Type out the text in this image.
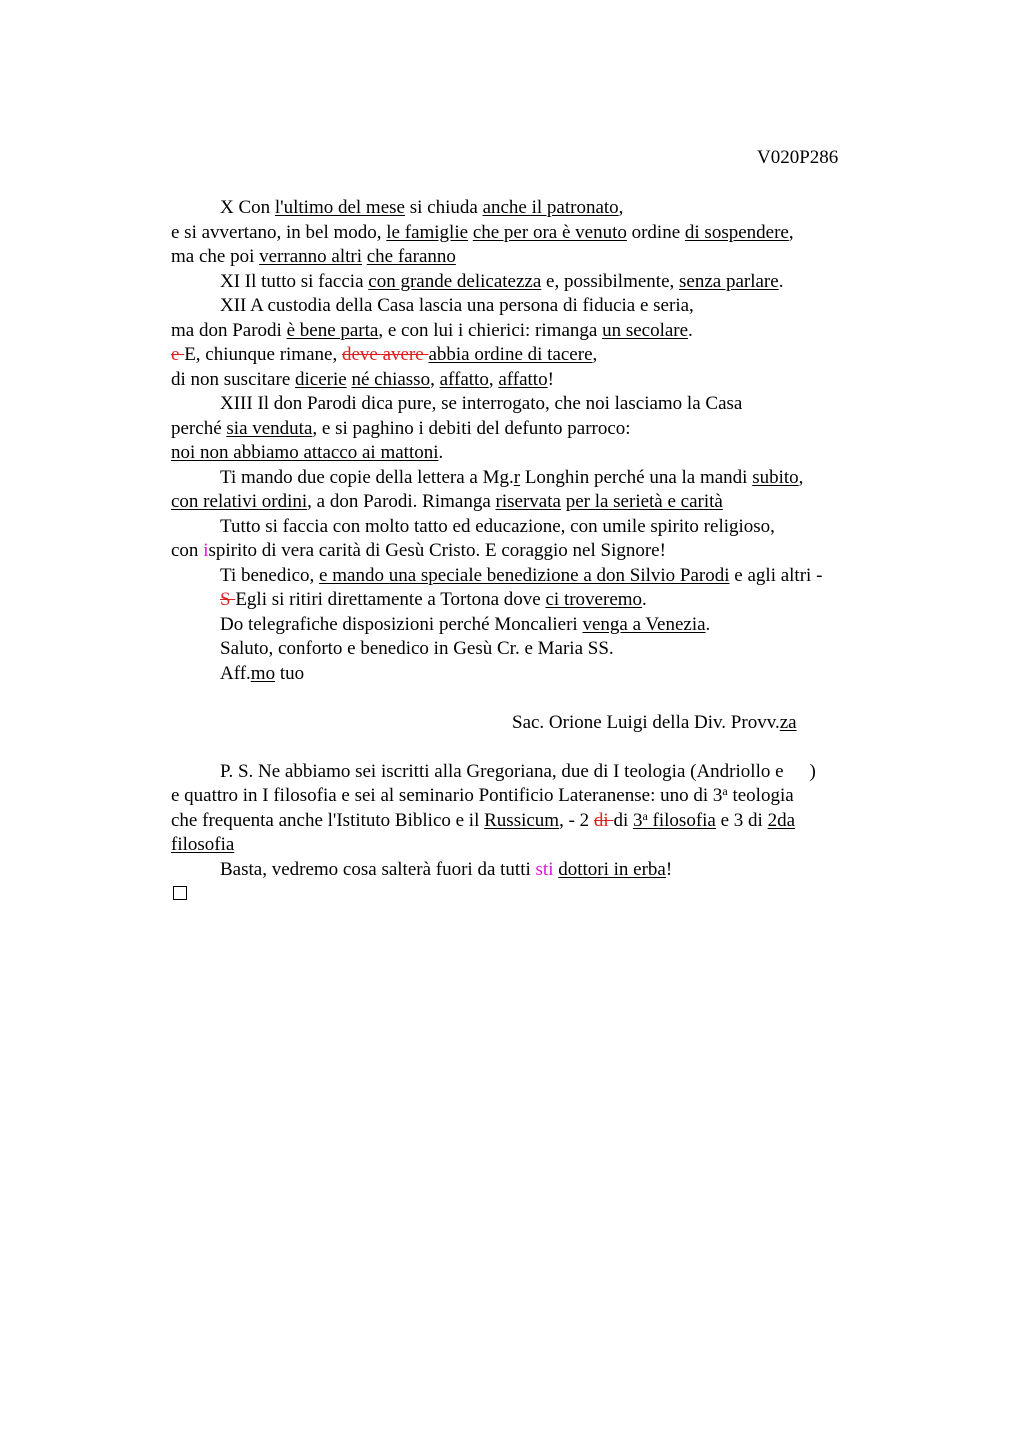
V020P286
X Con l'ultimo del mese si chiuda anche il patronato,
e si avvertano, in bel modo, le famiglie che per ora è venuto ordine di sospendere,
ma che poi verranno altri che faranno
XI Il tutto si faccia con grande delicatezza e, possibilmente, senza parlare.
XII A custodia della Casa lascia una persona di fiducia e seria,
ma don Parodi è bene parta, e con lui i chierici: rimanga un secolare.
e E, chiunque rimane, deve avere abbia ordine di tacere,
di non suscitare dicerie né chiasso, affatto, affatto!
XIII Il don Parodi dica pure, se interrogato, che noi lasciamo la Casa
perché sia venduta, e si paghino i debiti del defunto parroco:
noi non abbiamo attacco ai mattoni.
Ti mando due copie della lettera a Mg.r Longhin perché una la mandi subito,
con relativi ordini, a don Parodi. Rimanga riservata per la serietà e carità
Tutto si faccia con molto tatto ed educazione, con umile spirito religioso,
con ispirito di vera carità di Gesù Cristo. E coraggio nel Signore!
Ti benedico, e mando una speciale benedizione a don Silvio Parodi e agli altri -
S Egli si ritiri direttamente a Tortona dove ci troveremo.
Do telegrafiche disposizioni perché Moncalieri venga a Venezia.
Saluto, conforto e benedico in Gesù Cr. e Maria SS.
Aff.mo tuo
Sac. Orione Luigi della Div. Provv.za
P. S. Ne abbiamo sei iscritti alla Gregoriana, due di I teologia (Andriollo e )
e quattro in I filosofia e sei al seminario Pontificio Lateranense: uno di 3$^a$ teologia
che frequenta anche l'Istituto Biblico e il Russicum, - 2 di di 3$^a$ filosofia e 3 di 2da
filosofia
Basta, vedremo cosa salterà fuori da tutti sti dottori in erba!
